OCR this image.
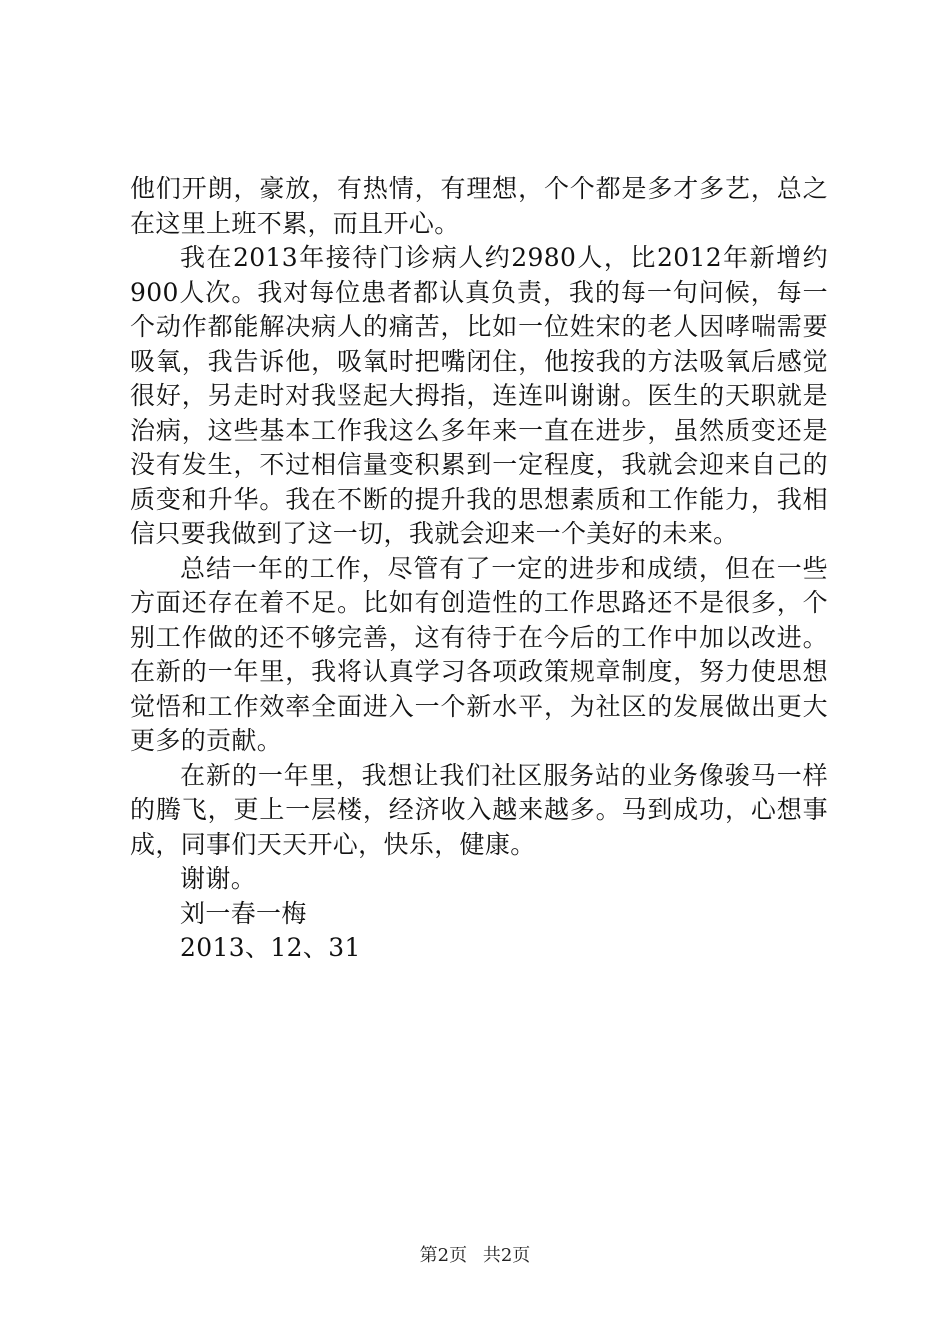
他们开朗，豪放，有热情，有理想，个个都是多才多艺，总之在这里上班不累，而且开心。

我在2013年接待门诊病人约2980人，比2012年新增约900人次。我对每位患者都认真负责，我的每一句问候，每一个动作都能解决病人的痛苦，比如一位姓宋的老人因哮喘需要吸氧，我告诉他，吸氧时把嘴闭住，他按我的方法吸氧后感觉很好，另走时对我竖起大拇指，连连叫谢谢。医生的天职就是治病，这些基本工作我这么多年来一直在进步，虽然质变还是没有发生，不过相信量变积累到一定程度，我就会迎来自己的质变和升华。我在不断的提升我的思想素质和工作能力，我相信只要我做到了这一切，我就会迎来一个美好的未来。

总结一年的工作，尽管有了一定的进步和成绩，但在一些方面还存在着不足。比如有创造性的工作思路还不是很多，个别工作做的还不够完善，这有待于在今后的工作中加以改进。在新的一年里，我将认真学习各项政策规章制度，努力使思想觉悟和工作效率全面进入一个新水平，为社区的发展做出更大更多的贡献。

在新的一年里，我想让我们社区服务站的业务像骏马一样的腾飞，更上一层楼，经济收入越来越多。马到成功，心想事成，同事们天天开心，快乐，健康。

谢谢。

刘一春一梅

2013、12、31

第2页 共2页
